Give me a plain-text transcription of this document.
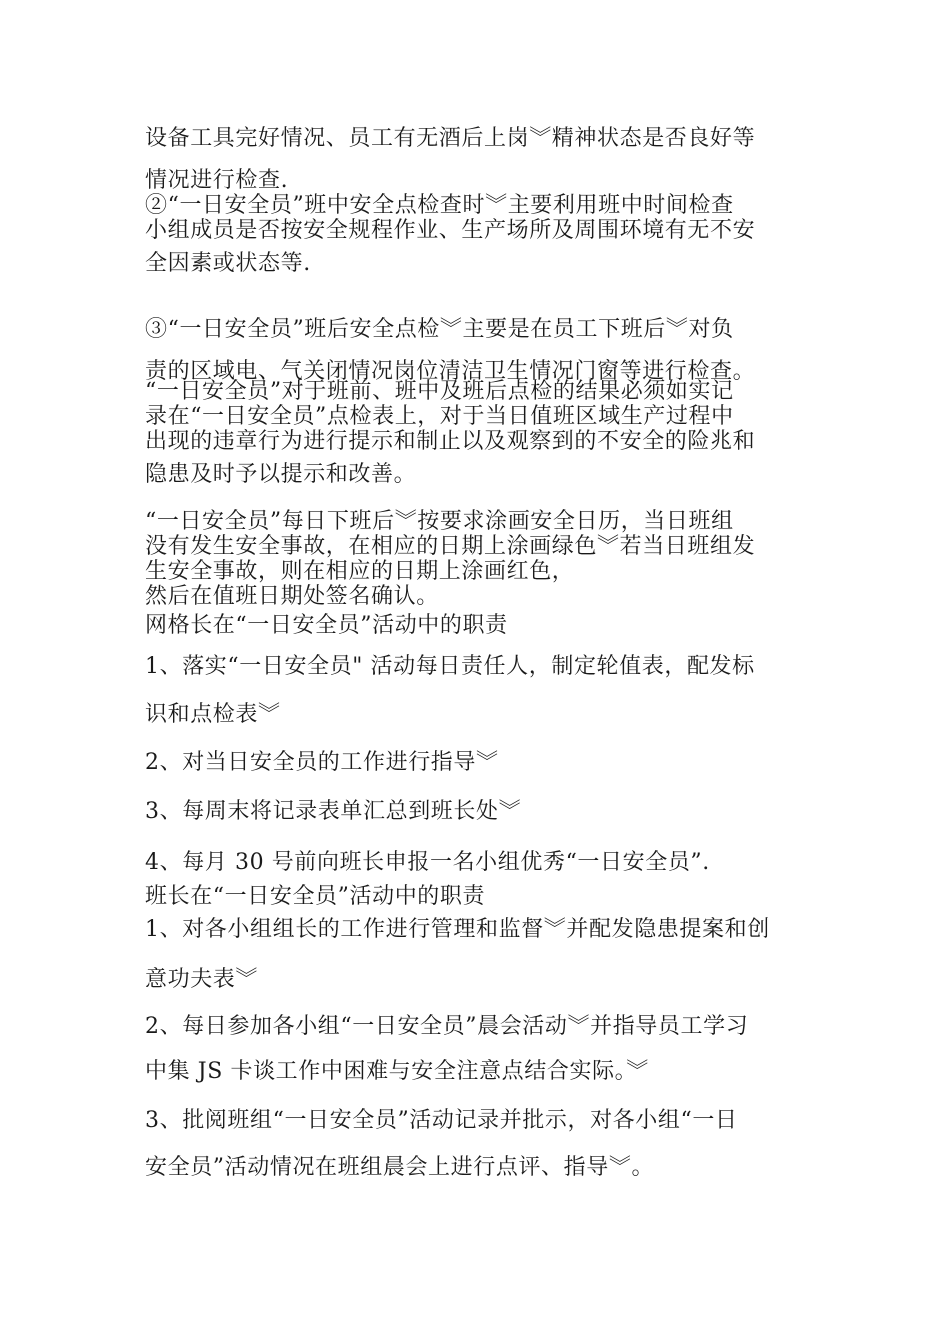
设备工具完好情况、员工有无酒后上岗︾精神状态是否良好等
情况进行检查.
②“一日安全员”班中安全点检查时︾主要利用班中时间检查
小组成员是否按安全规程作业、生产场所及周围环境有无不安
全因素或状态等.
③“一日安全员”班后安全点检︾主要是在员工下班后︾对负
责的区域电、气关闭情况岗位清洁卫生情况门窗等进行检查。
“一日安全员”对于班前、班中及班后点检的结果必须如实记
录在“一日安全员”点检表上，对于当日值班区域生产过程中
出现的违章行为进行提示和制止以及观察到的不安全的险兆和
隐患及时予以提示和改善。
“一日安全员”每日下班后︾按要求涂画安全日历，当日班组
没有发生安全事故，在相应的日期上涂画绿色︾若当日班组发
生安全事故，则在相应的日期上涂画红色，
然后在值班日期处签名确认。
网格长在“一日安全员”活动中的职责
1、落实“一日安全员" 活动每日责任人，制定轮值表，配发标
识和点检表︾
2、对当日安全员的工作进行指导︾
3、每周末将记录表单汇总到班长处︾
4、每月 30 号前向班长申报一名小组优秀“一日安全员”.
班长在“一日安全员”活动中的职责
1、对各小组组长的工作进行管理和监督︾并配发隐患提案和创
意功夫表︾
2、每日参加各小组“一日安全员”晨会活动︾并指导员工学习
中集 JS 卡谈工作中困难与安全注意点结合实际。︾
3、批阅班组“一日安全员”活动记录并批示，对各小组“一日
安全员”活动情况在班组晨会上进行点评、指导︾。
